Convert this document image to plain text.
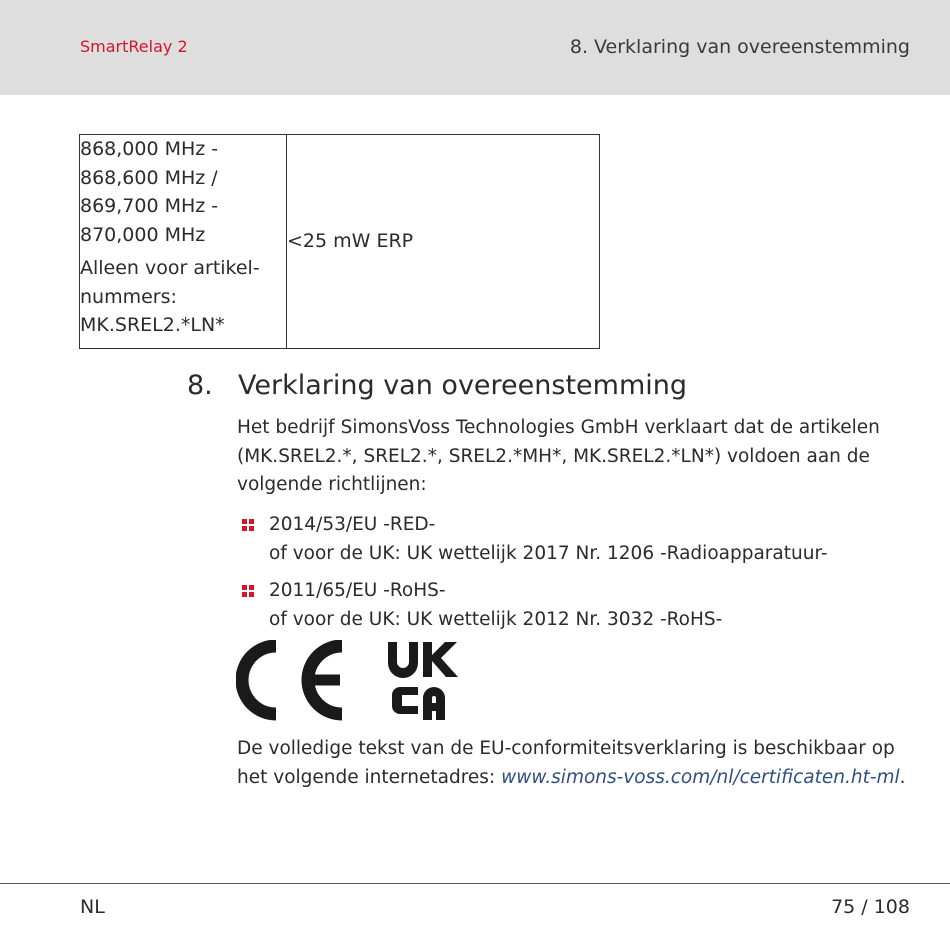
SmartRelay 2	8. Verklaring van overeenstemming
868,000 MHz -
868,600 MHz /
869,700 MHz -
870,000 MHz
Alleen voor artikel-
nummers:
MK.SREL2.*LN*
	<25 mW ERP
8. Verklaring van overeenstemming
Het bedrijf SimonsVoss Technologies GmbH verklaart dat de artikelen (MK.SREL2.*, SREL2.*, SREL2.*MH*, MK.SREL2.*LN*) voldoen aan de volgende richtlijnen:
2014/53/EU -RED-
of voor de UK: UK wettelijk 2017 Nr. 1206 -Radioapparatuur-
2011/65/EU -RoHS-
of voor de UK: UK wettelijk 2012 Nr. 3032 -RoHS-
De volledige tekst van de EU-conformiteitsverklaring is beschikbaar op het volgende internetadres: www.simons-voss.com/nl/certificaten.ht-ml.
NL	75 / 108
